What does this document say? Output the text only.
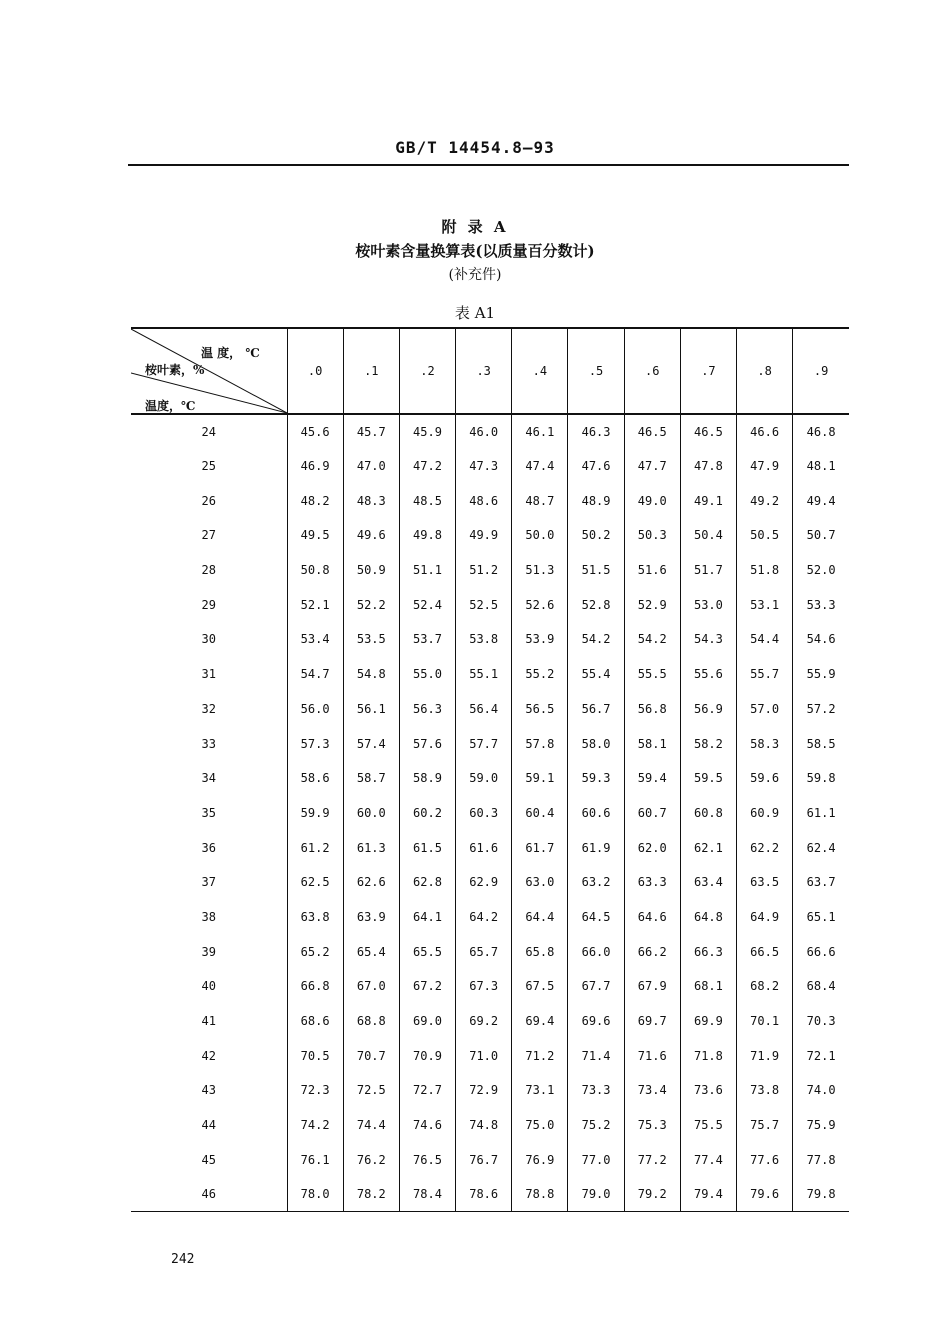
GB/T 14454.8—93
附 录 A
桉叶素含量换算表(以质量百分数计)
(补充件)
表 A1
温 度， ℃
桉叶素，%
温度，℃	.0	.1	.2	.3	.4	.5	.6	.7	.8	.9
24	45.6	45.7	45.9	46.0	46.1	46.3	46.5	46.5	46.6	46.8
25	46.9	47.0	47.2	47.3	47.4	47.6	47.7	47.8	47.9	48.1
26	48.2	48.3	48.5	48.6	48.7	48.9	49.0	49.1	49.2	49.4
27	49.5	49.6	49.8	49.9	50.0	50.2	50.3	50.4	50.5	50.7
28	50.8	50.9	51.1	51.2	51.3	51.5	51.6	51.7	51.8	52.0
29	52.1	52.2	52.4	52.5	52.6	52.8	52.9	53.0	53.1	53.3
30	53.4	53.5	53.7	53.8	53.9	54.2	54.2	54.3	54.4	54.6
31	54.7	54.8	55.0	55.1	55.2	55.4	55.5	55.6	55.7	55.9
32	56.0	56.1	56.3	56.4	56.5	56.7	56.8	56.9	57.0	57.2
33	57.3	57.4	57.6	57.7	57.8	58.0	58.1	58.2	58.3	58.5
34	58.6	58.7	58.9	59.0	59.1	59.3	59.4	59.5	59.6	59.8
35	59.9	60.0	60.2	60.3	60.4	60.6	60.7	60.8	60.9	61.1
36	61.2	61.3	61.5	61.6	61.7	61.9	62.0	62.1	62.2	62.4
37	62.5	62.6	62.8	62.9	63.0	63.2	63.3	63.4	63.5	63.7
38	63.8	63.9	64.1	64.2	64.4	64.5	64.6	64.8	64.9	65.1
39	65.2	65.4	65.5	65.7	65.8	66.0	66.2	66.3	66.5	66.6
40	66.8	67.0	67.2	67.3	67.5	67.7	67.9	68.1	68.2	68.4
41	68.6	68.8	69.0	69.2	69.4	69.6	69.7	69.9	70.1	70.3
42	70.5	70.7	70.9	71.0	71.2	71.4	71.6	71.8	71.9	72.1
43	72.3	72.5	72.7	72.9	73.1	73.3	73.4	73.6	73.8	74.0
44	74.2	74.4	74.6	74.8	75.0	75.2	75.3	75.5	75.7	75.9
45	76.1	76.2	76.5	76.7	76.9	77.0	77.2	77.4	77.6	77.8
46	78.0	78.2	78.4	78.6	78.8	79.0	79.2	79.4	79.6	79.8
242
